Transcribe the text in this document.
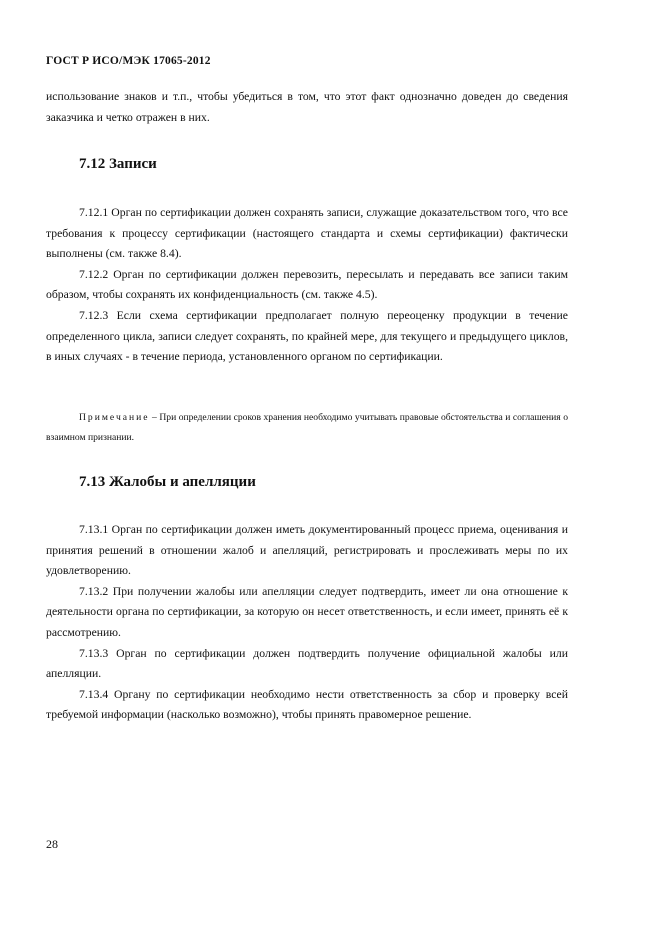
ГОСТ Р ИСО/МЭК 17065-2012

использование знаков и т.п., чтобы убедиться в том, что этот факт однозначно доведен до сведения заказчика и четко отражен в них.

7.12 Записи

7.12.1 Орган по сертификации должен сохранять записи, служащие доказательством того, что все требования к процессу сертификации (настоящего стандарта и схемы сертификации) фактически выполнены (см. также 8.4).

7.12.2 Орган по сертификации должен перевозить, пересылать и передавать все записи таким образом, чтобы сохранять их конфиденциальность (см. также 4.5).

7.12.3 Если схема сертификации предполагает полную переоценку продукции в течение определенного цикла, записи следует сохранять, по крайней мере, для текущего и предыдущего циклов, в иных случаях - в течение периода, установленного органом по сертификации.

Примечание – При определении сроков хранения необходимо учитывать правовые обстоятельства и соглашения о взаимном признании.
7.13 Жалобы и апелляции

7.13.1 Орган по сертификации должен иметь документированный процесс приема, оценивания и принятия решений в отношении жалоб и апелляций, регистрировать и прослеживать меры по их удовлетворению.

7.13.2 При получении жалобы или апелляции следует подтвердить, имеет ли она отношение к деятельности органа по сертификации, за которую он несет ответственность, и если имеет, принять её к рассмотрению.

7.13.3 Орган по сертификации должен подтвердить получение официальной жалобы или апелляции.

7.13.4 Органу по сертификации необходимо нести ответственность за сбор и проверку всей требуемой информации (насколько возможно), чтобы принять правомерное решение.

28
